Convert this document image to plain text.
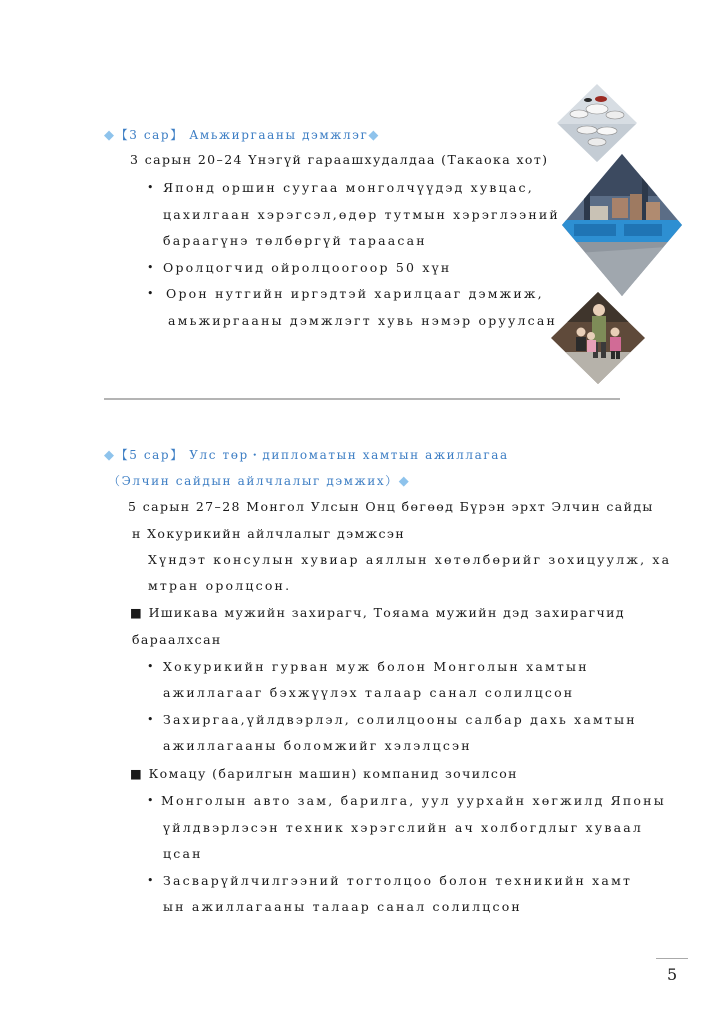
◆【3 сар】 Амьжиргааны дэмжлэг◆
3 сарын 20–24 Үнэгүй гараашхудалдаа (Такаока хот)
• Японд оршин суугаа монголчүүдэд хувцас,
цахилгаан хэрэгсэл,өдөр тутмын хэрэглээний
бараагүнэ төлбөргүй тараасан
• Оролцогчид ойролцоогоор 50 хүн
• Орон нутгийн иргэдтэй харилцааг дэмжиж,
амьжиргааны дэмжлэгт хувь нэмэр оруулсан
◆【5 сар】 Улс төр・дипломатын хамтын ажиллагаа
（Элчин сайдын айлчлалыг дэмжих）◆
5 сарын 27–28 Монгол Улсын Онц бөгөөд Бүрэн эрхт Элчин сайды
н Хокурикийн айлчлалыг дэмжсэн
Хүндэт консулын хувиар аяллын хөтөлбөрийг зохицуулж, ха
мтран оролцсон.
■ Ишикава мужийн захирагч, Тояама мужийн дэд захирагчид
бараалхсан
• Хокурикийн гурван муж болон Монголын хамтын
ажиллагааг бэхжүүлэх талаар санал солилцсон
• Захиргаа,үйлдвэрлэл, солилцооны салбар дахь хамтын
ажиллагааны боломжийг хэлэлцсэн
■ Комацу (барилгын машин) компанид зочилсон
• Монголын авто зам, барилга, уул уурхайн хөгжилд Японы
үйлдвэрлэсэн техник хэрэгслийн ач холбогдлыг хуваал
цсан
• Засварүйлчилгээний тогтолцоо болон техникийн хамт
ын ажиллагааны талаар санал солилцсон
5
